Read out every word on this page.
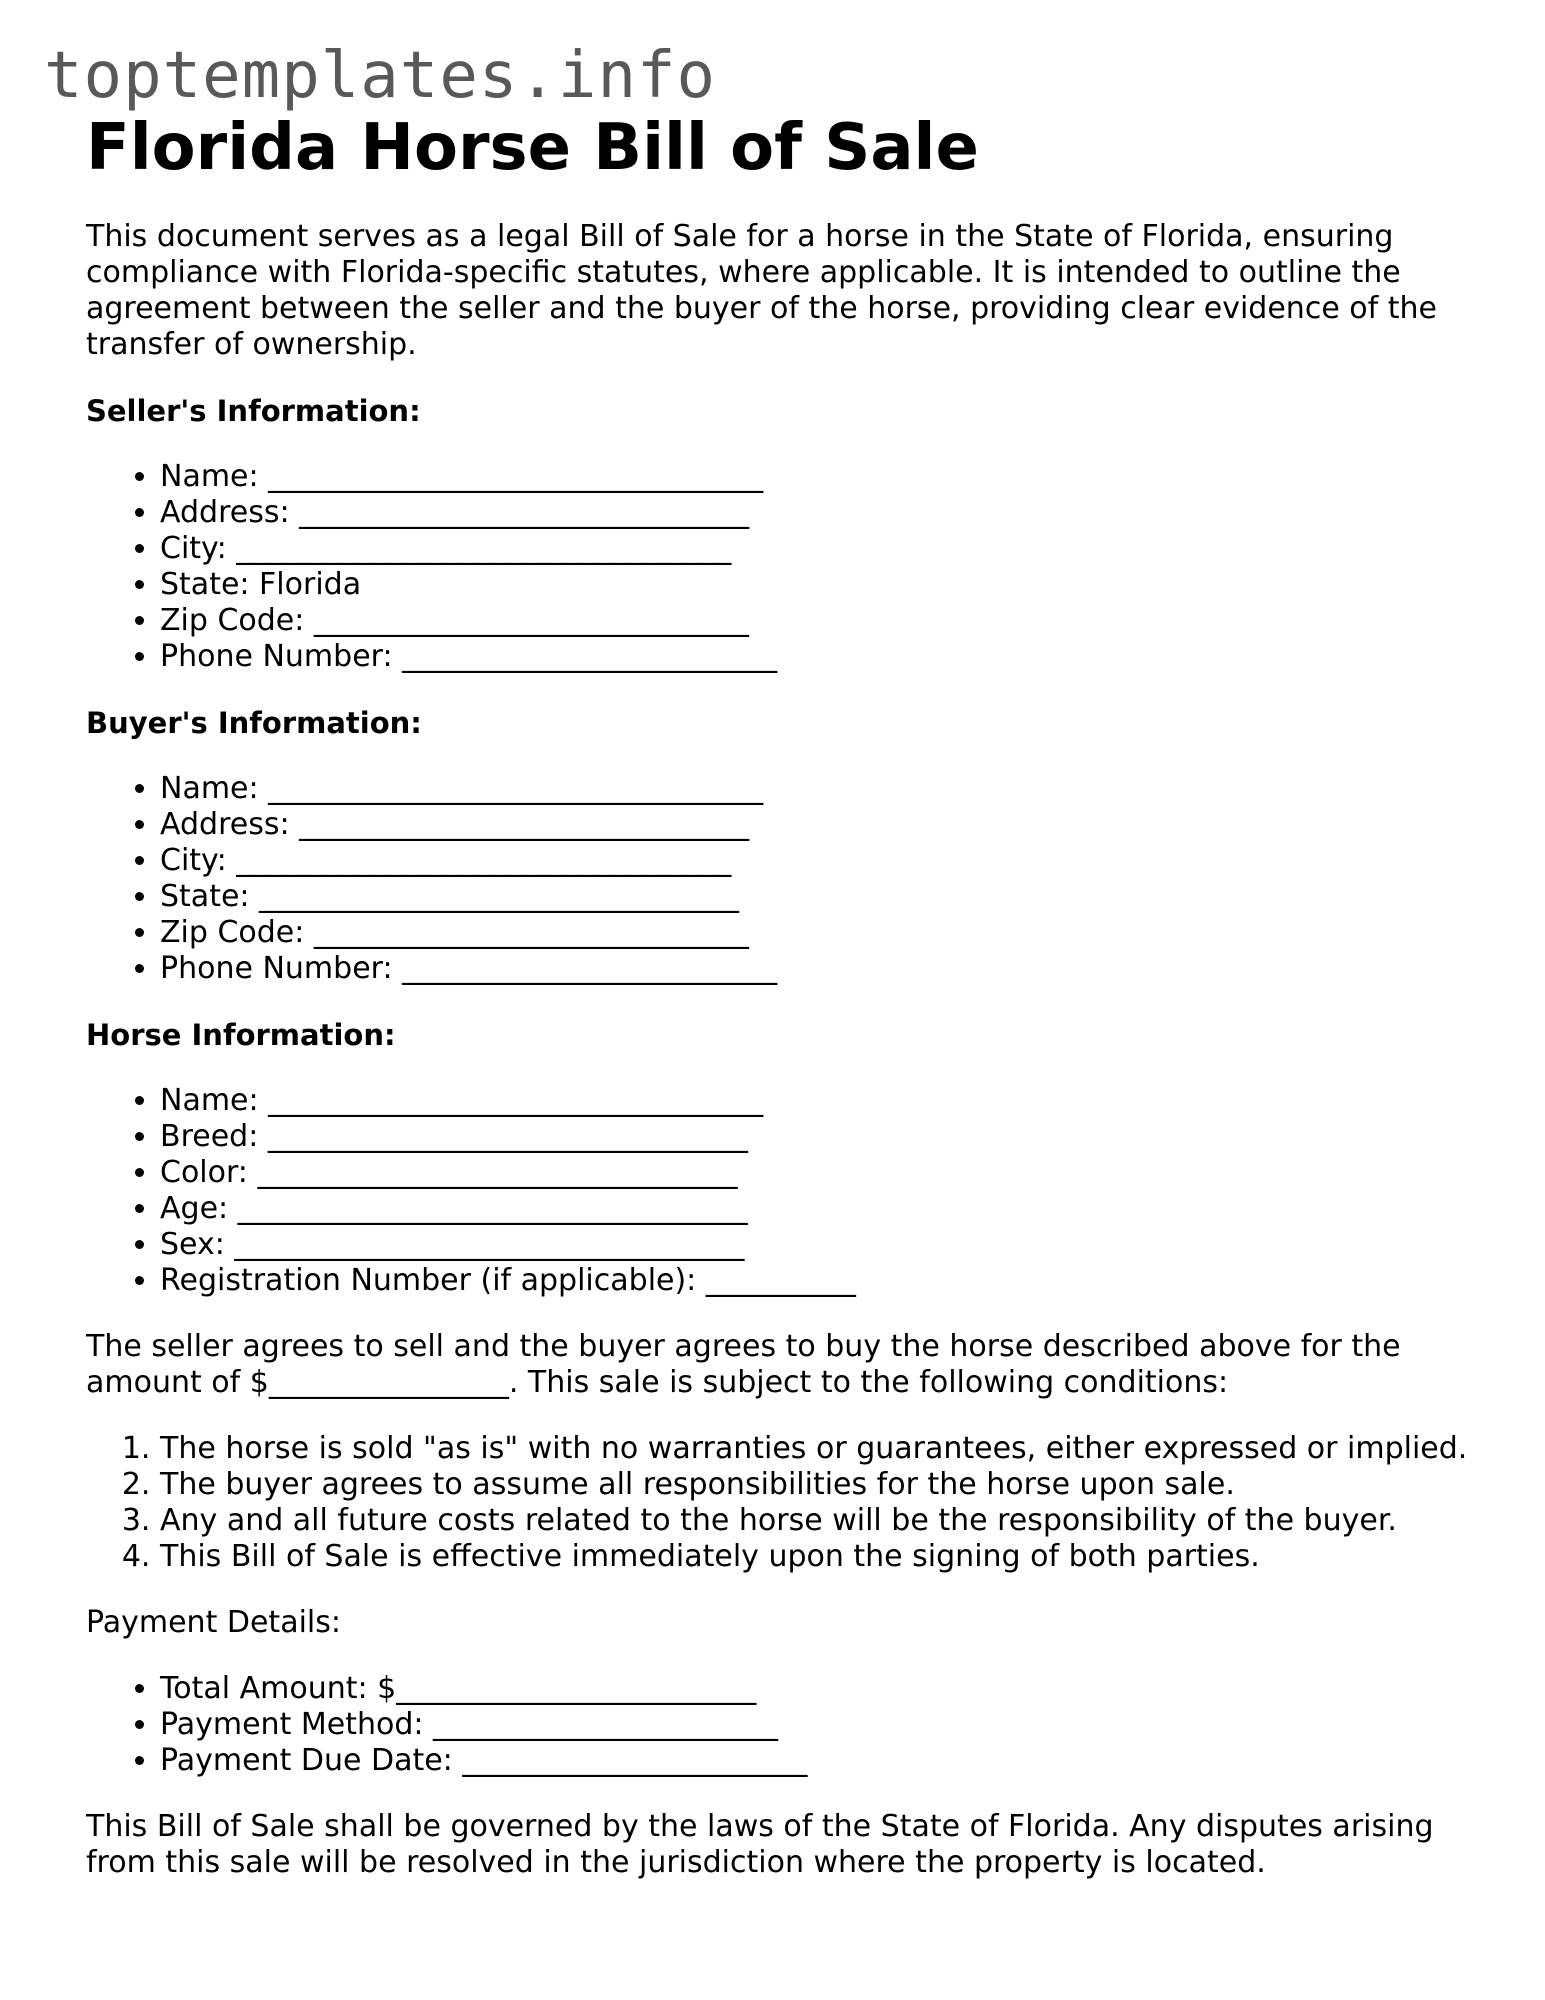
toptemplates.info
Florida Horse Bill of Sale

This document serves as a legal Bill of Sale for a horse in the State of Florida, ensuring compliance with Florida-specific statutes, where applicable. It is intended to outline the agreement between the seller and the buyer of the horse, providing clear evidence of the transfer of ownership.

Seller's Information:
• Name: _________________________________
• Address: ______________________________
• City: _________________________________
• State: Florida
• Zip Code: _____________________________
• Phone Number: _________________________
Buyer's Information:
• Name: _________________________________
• Address: ______________________________
• City: _________________________________
• State: ________________________________
• Zip Code: _____________________________
• Phone Number: _________________________
Horse Information:
• Name: _________________________________
• Breed: ________________________________
• Color: ________________________________
• Age: __________________________________
• Sex: __________________________________
• Registration Number (if applicable): __________

The seller agrees to sell and the buyer agrees to buy the horse described above for the amount of $________________. This sale is subject to the following conditions:

1. The horse is sold "as is" with no warranties or guarantees, either expressed or implied.
2. The buyer agrees to assume all responsibilities for the horse upon sale.
3. Any and all future costs related to the horse will be the responsibility of the buyer.
4. This Bill of Sale is effective immediately upon the signing of both parties.

Payment Details:

• Total Amount: $________________________
• Payment Method: _______________________
• Payment Due Date: _______________________

This Bill of Sale shall be governed by the laws of the State of Florida. Any disputes arising from this sale will be resolved in the jurisdiction where the property is located.
